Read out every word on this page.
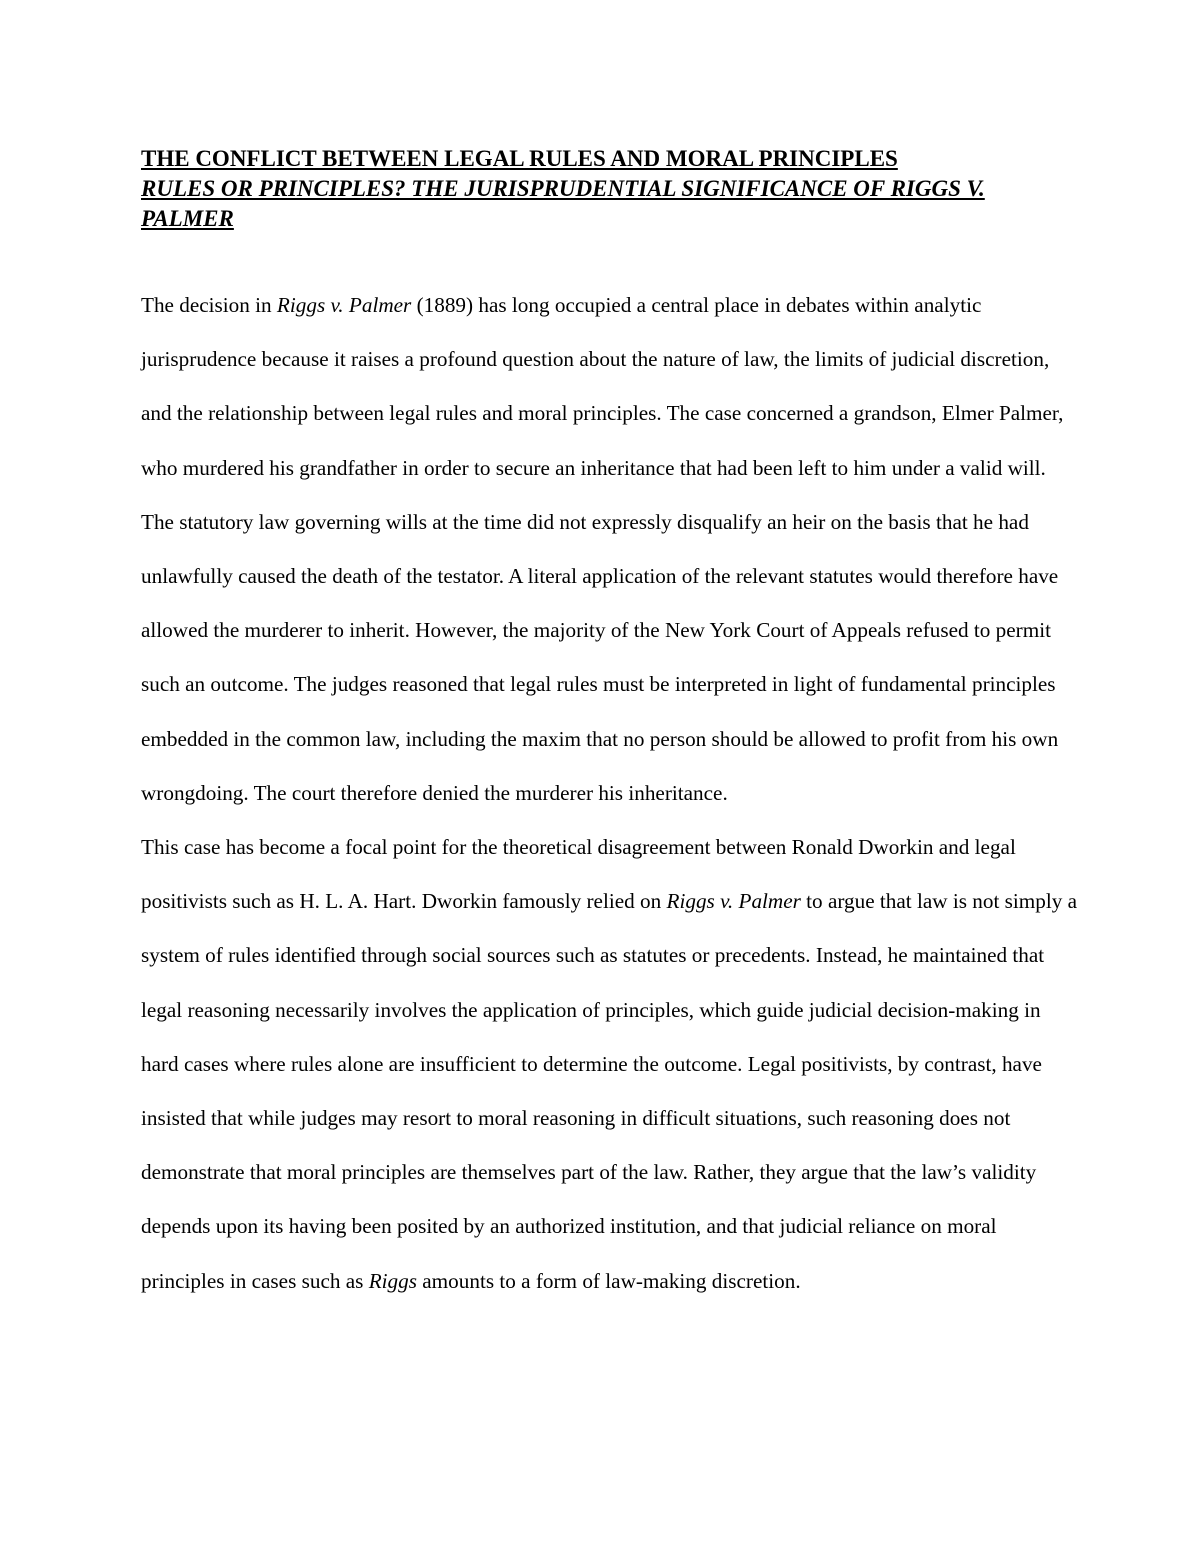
THE CONFLICT BETWEEN LEGAL RULES AND MORAL PRINCIPLES
RULES OR PRINCIPLES? THE JURISPRUDENTIAL SIGNIFICANCE OF RIGGS V. PALMER

The decision in Riggs v. Palmer (1889) has long occupied a central place in debates within analytic jurisprudence because it raises a profound question about the nature of law, the limits of judicial discretion, and the relationship between legal rules and moral principles. The case concerned a grandson, Elmer Palmer, who murdered his grandfather in order to secure an inheritance that had been left to him under a valid will. The statutory law governing wills at the time did not expressly disqualify an heir on the basis that he had unlawfully caused the death of the testator. A literal application of the relevant statutes would therefore have allowed the murderer to inherit. However, the majority of the New York Court of Appeals refused to permit such an outcome. The judges reasoned that legal rules must be interpreted in light of fundamental principles embedded in the common law, including the maxim that no person should be allowed to profit from his own wrongdoing. The court therefore denied the murderer his inheritance.

This case has become a focal point for the theoretical disagreement between Ronald Dworkin and legal positivists such as H. L. A. Hart. Dworkin famously relied on Riggs v. Palmer to argue that law is not simply a system of rules identified through social sources such as statutes or precedents. Instead, he maintained that legal reasoning necessarily involves the application of principles, which guide judicial decision-making in hard cases where rules alone are insufficient to determine the outcome. Legal positivists, by contrast, have insisted that while judges may resort to moral reasoning in difficult situations, such reasoning does not demonstrate that moral principles are themselves part of the law. Rather, they argue that the law’s validity depends upon its having been posited by an authorized institution, and that judicial reliance on moral principles in cases such as Riggs amounts to a form of law-making discretion.
